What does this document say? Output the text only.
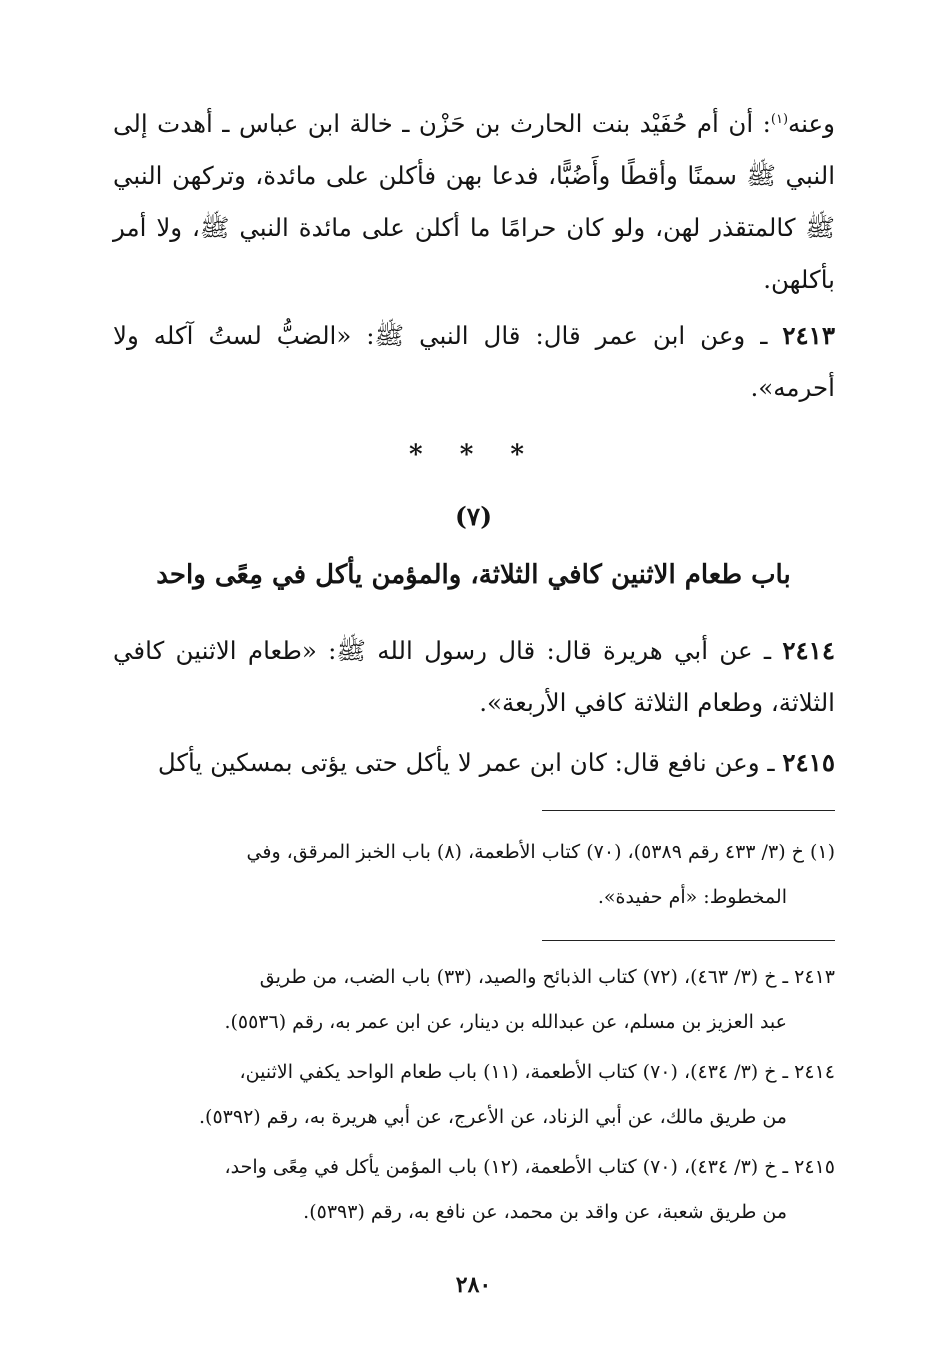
وعنه$^{(١)}$: أن أم حُفَيْد بنت الحارث بن حَزْن ـ خالة ابن عباس ـ أهدت إلى النبي ﷺ سمنًا وأقطًا وأَضُبًّا، فدعا بهن فأكلن على مائدة، وتركهن النبي ﷺ كالمتقذر لهن، ولو كان حرامًا ما أكلن على مائدة النبي ﷺ، ولا أمر بأكلهن.
٢٤١٣ ـ وعن ابن عمر قال: قال النبي ﷺ: «الضبُّ لستُ آكله ولا أحرمه».
* * *
(٧)
باب طعام الاثنين كافي الثلاثة، والمؤمن يأكل في مِعًى واحد
٢٤١٤ ـ عن أبي هريرة قال: قال رسول الله ﷺ: «طعام الاثنين كافي الثلاثة، وطعام الثلاثة كافي الأربعة».
٢٤١٥ ـ وعن نافع قال: كان ابن عمر لا يأكل حتى يؤتى بمسكين يأكل
(١) خ (٣/ ٤٣٣ رقم ٥٣٨٩)، (٧٠) كتاب الأطعمة، (٨) باب الخبز المرقق، وفي
المخطوط: «أم حفيدة».
٢٤١٣ ـ خ (٣/ ٤٦٣)، (٧٢) كتاب الذبائح والصيد، (٣٣) باب الضب، من طريق
عبد العزيز بن مسلم، عن عبدالله بن دينار، عن ابن عمر به، رقم (٥٥٣٦).
٢٤١٤ ـ خ (٣/ ٤٣٤)، (٧٠) كتاب الأطعمة، (١١) باب طعام الواحد يكفي الاثنين،
من طريق مالك، عن أبي الزناد، عن الأعرج، عن أبي هريرة به، رقم (٥٣٩٢).
٢٤١٥ ـ خ (٣/ ٤٣٤)، (٧٠) كتاب الأطعمة، (١٢) باب المؤمن يأكل في مِعًى واحد،
من طريق شعبة، عن واقد بن محمد، عن نافع به، رقم (٥٣٩٣).
٢٨٠
